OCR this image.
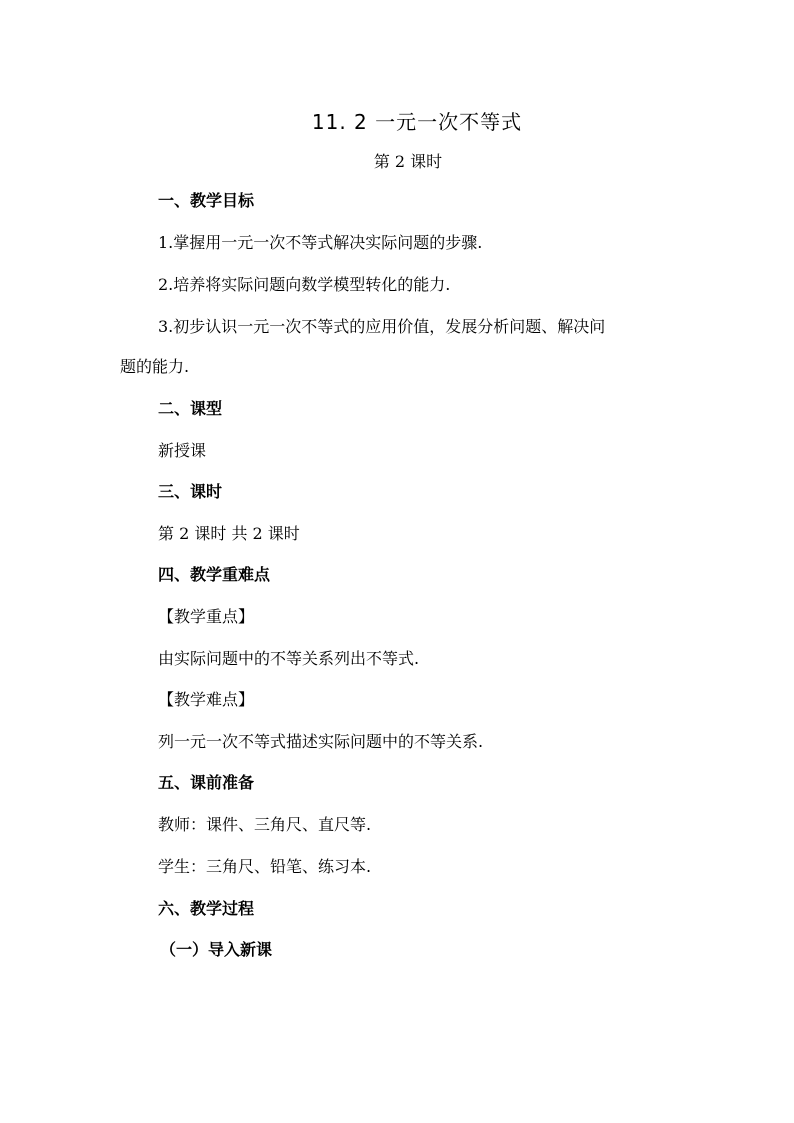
11. 2 一元一次不等式
第 2 课时
一、教学目标
1.掌握用一元一次不等式解决实际问题的步骤.
2.培养将实际问题向数学模型转化的能力.
3.初步认识一元一次不等式的应用价值，发展分析问题、解决问
题的能力.
二、课型
新授课
三、课时
第 2 课时 共 2 课时
四、教学重难点
【教学重点】
由实际问题中的不等关系列出不等式.
【教学难点】
列一元一次不等式描述实际问题中的不等关系.
五、课前准备
教师：课件、三角尺、直尺等.
学生：三角尺、铅笔、练习本.
六、教学过程
（一）导入新课
